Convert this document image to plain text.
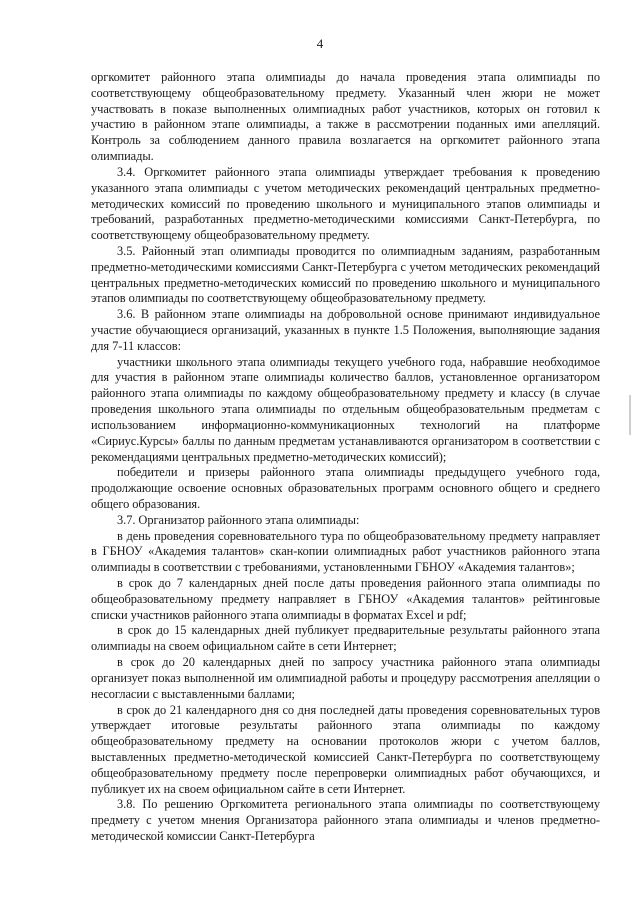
4

оргкомитет районного этапа олимпиады до начала проведения этапа олимпиады по соответствующему общеобразовательному предмету. Указанный член жюри не может участвовать в показе выполненных олимпиадных работ участников, которых он готовил к участию в районном этапе олимпиады, а также в рассмотрении поданных ими апелляций. Контроль за соблюдением данного правила возлагается на оргкомитет районного этапа олимпиады.

3.4. Оргкомитет районного этапа олимпиады утверждает требования к проведению указанного этапа олимпиады с учетом методических рекомендаций центральных предметно-методических комиссий по проведению школьного и муниципального этапов олимпиады и требований, разработанных предметно-методическими комиссиями Санкт-Петербурга, по соответствующему общеобразовательному предмету.

3.5. Районный этап олимпиады проводится по олимпиадным заданиям, разработанным предметно-методическими комиссиями Санкт-Петербурга с учетом методических рекомендаций центральных предметно-методических комиссий по проведению школьного и муниципального этапов олимпиады по соответствующему общеобразовательному предмету.

3.6. В районном этапе олимпиады на добровольной основе принимают индивидуальное участие обучающиеся организаций, указанных в пункте 1.5 Положения, выполняющие задания для 7-11 классов:

участники школьного этапа олимпиады текущего учебного года, набравшие необходимое для участия в районном этапе олимпиады количество баллов, установленное организатором районного этапа олимпиады по каждому общеобразовательному предмету и классу (в случае проведения школьного этапа олимпиады по отдельным общеобразовательным предметам с использованием информационно-коммуникационных технологий на платформе «Сириус.Курсы» баллы по данным предметам устанавливаются организатором в соответствии с рекомендациями центральных предметно-методических комиссий);

победители и призеры районного этапа олимпиады предыдущего учебного года, продолжающие освоение основных образовательных программ основного общего и среднего общего образования.

3.7. Организатор районного этапа олимпиады:

в день проведения соревновательного тура по общеобразовательному предмету направляет в ГБНОУ «Академия талантов» скан-копии олимпиадных работ участников районного этапа олимпиады в соответствии с требованиями, установленными ГБНОУ «Академия талантов»;

в срок до 7 календарных дней после даты проведения районного этапа олимпиады по общеобразовательному предмету направляет в ГБНОУ «Академия талантов» рейтинговые списки участников районного этапа олимпиады в форматах Excel и pdf;

в срок до 15 календарных дней публикует предварительные результаты районного этапа олимпиады на своем официальном сайте в сети Интернет;

в срок до 20 календарных дней по запросу участника районного этапа олимпиады организует показ выполненной им олимпиадной работы и процедуру рассмотрения апелляции о несогласии с выставленными баллами;

в срок до 21 календарного дня со дня последней даты проведения соревновательных туров утверждает итоговые результаты районного этапа олимпиады по каждому общеобразовательному предмету на основании протоколов жюри с учетом баллов, выставленных предметно-методической комиссией Санкт-Петербурга по соответствующему общеобразовательному предмету после перепроверки олимпиадных работ обучающихся, и публикует их на своем официальном сайте в сети Интернет.

3.8. По решению Оргкомитета регионального этапа олимпиады по соответствующему предмету с учетом мнения Организатора районного этапа олимпиады и членов предметно-методической комиссии Санкт-Петербурга
